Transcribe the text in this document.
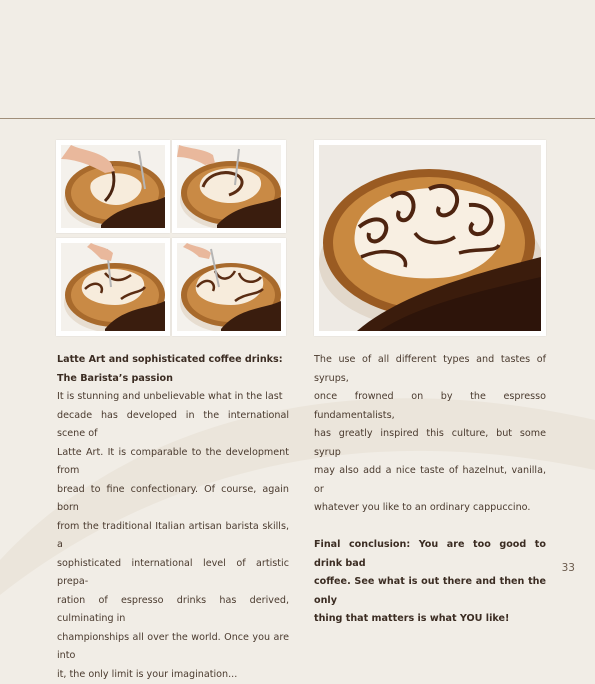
Latte Art and sophisticated coffee drinks:

The Barista’s passion

It is stunning and unbelievable what in the last

decade has developed in the international scene of

Latte Art. It is comparable to the development from

bread to fine confectionary. Of course, again born

from the traditional Italian artisan barista skills, a

sophisticated international level of artistic prepa-

ration of espresso drinks has derived, culminating in

championships all over the world. Once you are into

it, the only limit is your imagination...

The use of all different types and tastes of syrups,

once frowned on by the espresso fundamentalists,

has greatly inspired this culture, but some syrup

may also add a nice taste of hazelnut, vanilla, or

whatever you like to an ordinary cappuccino.

Final conclusion: You are too good to drink bad

coffee. See what is out there and then the only

thing that matters is what YOU like!

33
